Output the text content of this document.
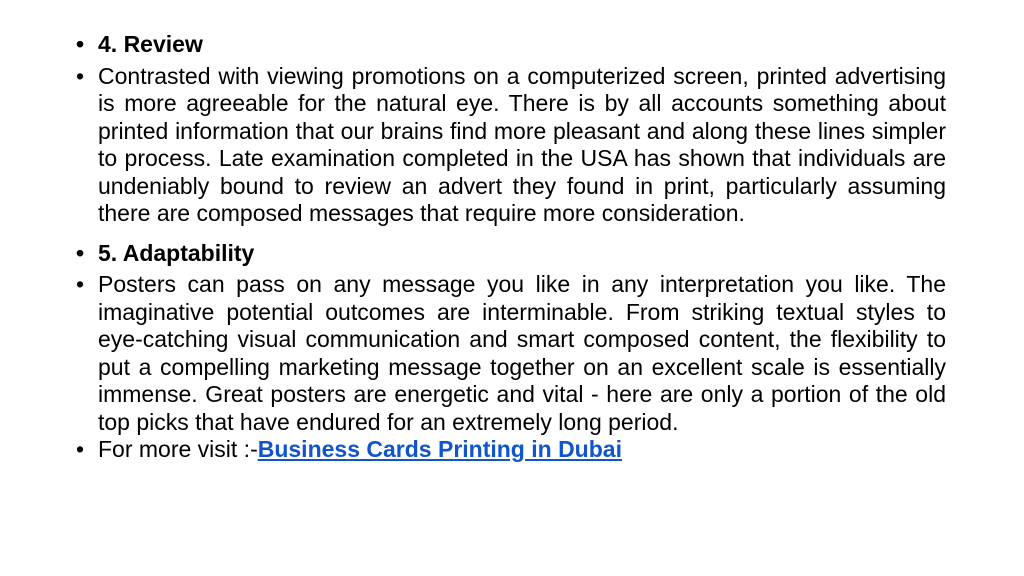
• 4. Review
• Contrasted with viewing promotions on a computerized screen, printed advertising is more agreeable for the natural eye. There is by all accounts something about printed information that our brains find more pleasant and along these lines simpler to process. Late examination completed in the USA has shown that individuals are undeniably bound to review an advert they found in print, particularly assuming there are composed messages that require more consideration.
• 5. Adaptability
• Posters can pass on any message you like in any interpretation you like. The imaginative potential outcomes are interminable. From striking textual styles to eye-catching visual communication and smart composed content, the flexibility to put a compelling marketing message together on an excellent scale is essentially immense. Great posters are energetic and vital - here are only a portion of the old top picks that have endured for an extremely long period.
• For more visit :-Business Cards Printing in Dubai
